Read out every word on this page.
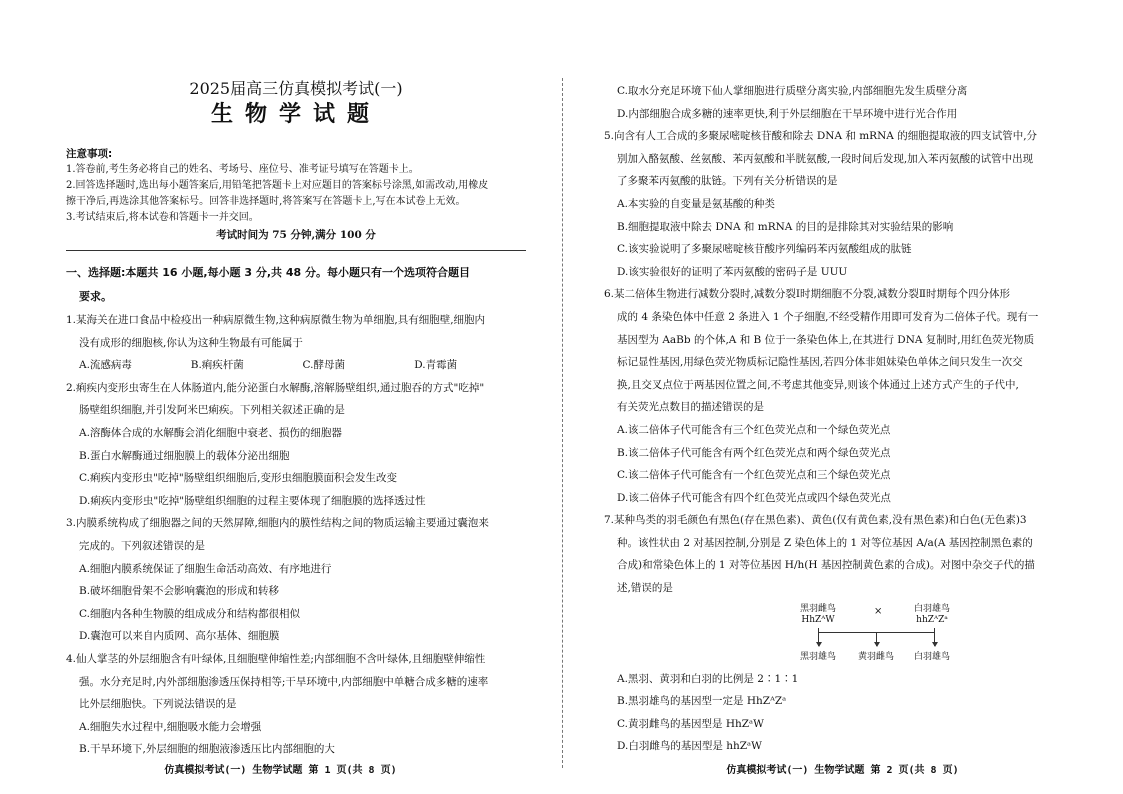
2025届高三仿真模拟考试(一)
生物学试题
注意事项:
1.答卷前,考生务必将自己的姓名、考场号、座位号、准考证号填写在答题卡上。
2.回答选择题时,选出每小题答案后,用铅笔把答题卡上对应题目的答案标号涂黑,如需改动,用橡皮
擦干净后,再选涂其他答案标号。回答非选择题时,将答案写在答题卡上,写在本试卷上无效。
3.考试结束后,将本试卷和答题卡一并交回。
考试时间为 75 分钟,满分 100 分
一、选择题:本题共 16 小题,每小题 3 分,共 48 分。每小题只有一个选项符合题目
要求。
1.某海关在进口食品中检疫出一种病原微生物,这种病原微生物为单细胞,具有细胞壁,细胞内
没有成形的细胞核,你认为这种生物最有可能属于
A.流感病毒	B.痢疾杆菌	C.酵母菌	D.青霉菌
2.痢疾内变形虫寄生在人体肠道内,能分泌蛋白水解酶,溶解肠壁组织,通过胞吞的方式"吃掉"
肠壁组织细胞,并引发阿米巴痢疾。下列相关叙述正确的是
A.溶酶体合成的水解酶会消化细胞中衰老、损伤的细胞器
B.蛋白水解酶通过细胞膜上的载体分泌出细胞
C.痢疾内变形虫"吃掉"肠壁组织细胞后,变形虫细胞膜面积会发生改变
D.痢疾内变形虫"吃掉"肠壁组织细胞的过程主要体现了细胞膜的选择透过性
3.内膜系统构成了细胞器之间的天然屏障,细胞内的膜性结构之间的物质运输主要通过囊泡来
完成的。下列叙述错误的是
A.细胞内膜系统保证了细胞生命活动高效、有序地进行
B.破坏细胞骨架不会影响囊泡的形成和转移
C.细胞内各种生物膜的组成成分和结构都很相似
D.囊泡可以来自内质网、高尔基体、细胞膜
4.仙人掌茎的外层细胞含有叶绿体,且细胞壁伸缩性差;内部细胞不含叶绿体,且细胞壁伸缩性
强。水分充足时,内外部细胞渗透压保持相等;干旱环境中,内部细胞中单糖合成多糖的速率
比外层细胞快。下列说法错误的是
A.细胞失水过程中,细胞吸水能力会增强
B.干旱环境下,外层细胞的细胞液渗透压比内部细胞的大
仿真模拟考试(一) 生物学试题 第 1 页(共 8 页)
C.取水分充足环境下仙人掌细胞进行质壁分离实验,内部细胞先发生质壁分离
D.内部细胞合成多糖的速率更快,利于外层细胞在干旱环境中进行光合作用
5.向含有人工合成的多聚尿嘧啶核苷酸和除去 DNA 和 mRNA 的细胞提取液的四支试管中,分
别加入酪氨酸、丝氨酸、苯丙氨酸和半胱氨酸,一段时间后发现,加入苯丙氨酸的试管中出现
了多聚苯丙氨酸的肽链。下列有关分析错误的是
A.本实验的自变量是氨基酸的种类
B.细胞提取液中除去 DNA 和 mRNA 的目的是排除其对实验结果的影响
C.该实验说明了多聚尿嘧啶核苷酸序列编码苯丙氨酸组成的肽链
D.该实验很好的证明了苯丙氨酸的密码子是 UUU
6.某二倍体生物进行减数分裂时,减数分裂Ⅰ时期细胞不分裂,减数分裂Ⅱ时期每个四分体形
成的 4 条染色体中任意 2 条进入 1 个子细胞,不经受精作用即可发育为二倍体子代。现有一
基因型为 AaBb 的个体,A 和 B 位于一条染色体上,在其进行 DNA 复制时,用红色荧光物质
标记显性基因,用绿色荧光物质标记隐性基因,若四分体非姐妹染色单体之间只发生一次交
换,且交叉点位于两基因位置之间,不考虑其他变异,则该个体通过上述方式产生的子代中,
有关荧光点数目的描述错误的是
A.该二倍体子代可能含有三个红色荧光点和一个绿色荧光点
B.该二倍体子代可能含有两个红色荧光点和两个绿色荧光点
C.该二倍体子代可能含有一个红色荧光点和三个绿色荧光点
D.该二倍体子代可能含有四个红色荧光点或四个绿色荧光点
7.某种鸟类的羽毛颜色有黑色(存在黑色素)、黄色(仅有黄色素,没有黑色素)和白色(无色素)3
种。该性状由 2 对基因控制,分别是 Z 染色体上的 1 对等位基因 A/a(A 基因控制黑色素的
合成)和常染色体上的 1 对等位基因 H/h(H 基因控制黄色素的合成)。对图中杂交子代的描
述,错误的是
黑羽雌鸟
HhZᴬW
×	白羽雄鸟
hhZᴬZᵃ
黑羽雄鸟 黄羽雌鸟 白羽雄鸟
A.黑羽、黄羽和白羽的比例是 2∶1∶1
B.黑羽雄鸟的基因型一定是 HhZᴬZᵃ
C.黄羽雌鸟的基因型是 HhZᵃW
D.白羽雌鸟的基因型是 hhZᵃW
仿真模拟考试(一) 生物学试题 第 2 页(共 8 页)
